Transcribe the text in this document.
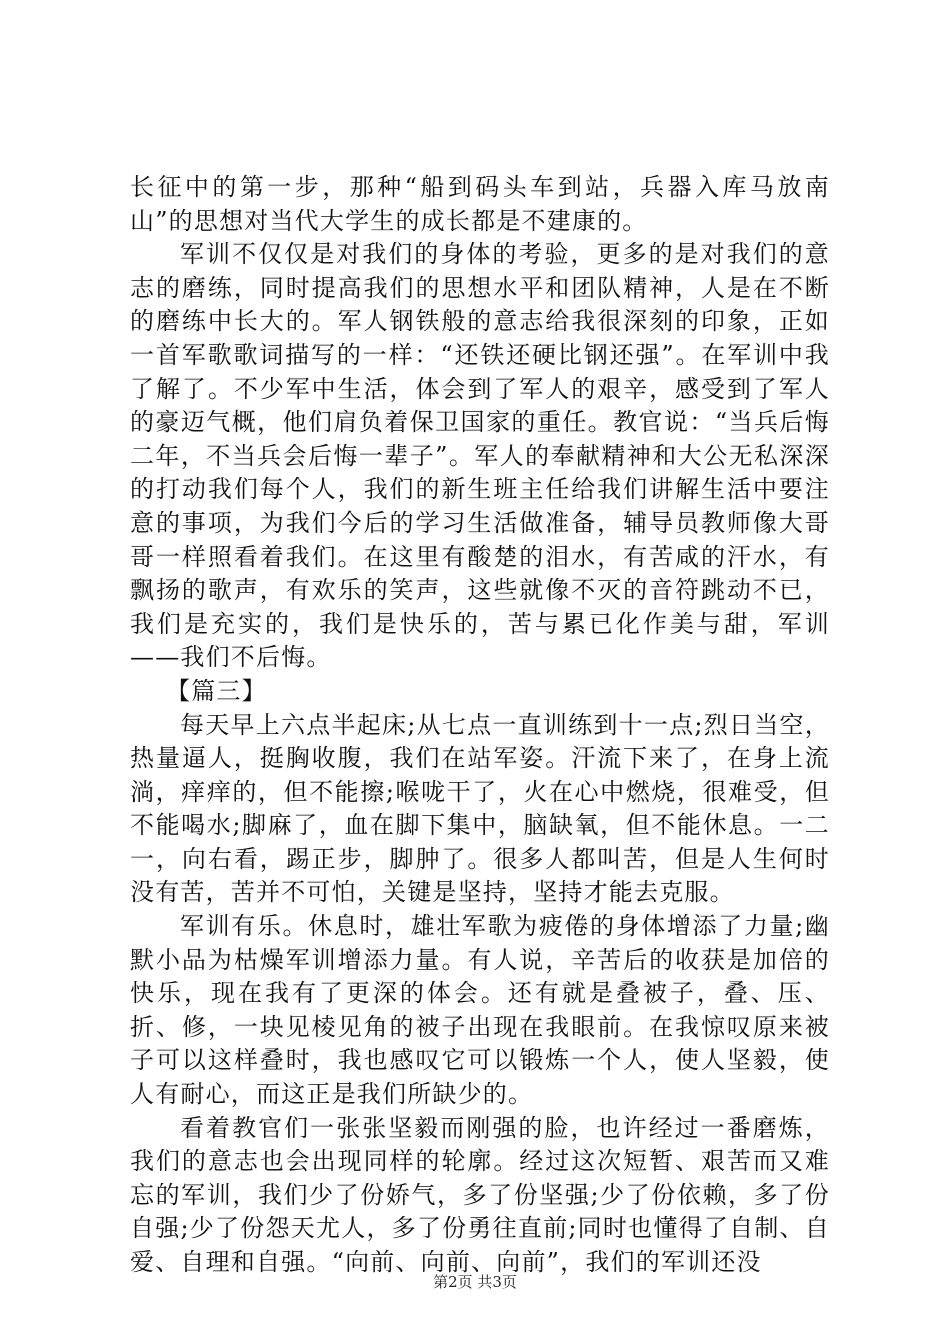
长征中的第一步，那种“船到码头车到站，兵器入库马放南山”的思想对当代大学生的成长都是不建康的。

军训不仅仅是对我们的身体的考验，更多的是对我们的意志的磨练，同时提高我们的思想水平和团队精神，人是在不断的磨练中长大的。军人钢铁般的意志给我很深刻的印象，正如一首军歌歌词描写的一样：“还铁还硬比钢还强”。在军训中我了解了。不少军中生活，体会到了军人的艰辛，感受到了军人的豪迈气概，他们肩负着保卫国家的重任。教官说：“当兵后悔二年，不当兵会后悔一辈子”。军人的奉献精神和大公无私深深的打动我们每个人，我们的新生班主任给我们讲解生活中要注意的事项，为我们今后的学习生活做准备，辅导员教师像大哥哥一样照看着我们。在这里有酸楚的泪水，有苦咸的汗水，有飘扬的歌声，有欢乐的笑声，这些就像不灭的音符跳动不已，我们是充实的，我们是快乐的，苦与累已化作美与甜，军训——我们不后悔。

【篇三】

每天早上六点半起床;从七点一直训练到十一点;烈日当空，热量逼人，挺胸收腹，我们在站军姿。汗流下来了，在身上流淌，痒痒的，但不能擦;喉咙干了，火在心中燃烧，很难受，但不能喝水;脚麻了，血在脚下集中，脑缺氧，但不能休息。一二一，向右看，踢正步，脚肿了。很多人都叫苦，但是人生何时没有苦，苦并不可怕，关键是坚持，坚持才能去克服。

军训有乐。休息时，雄壮军歌为疲倦的身体增添了力量;幽默小品为枯燥军训增添力量。有人说，辛苦后的收获是加倍的快乐，现在我有了更深的体会。还有就是叠被子，叠、压、折、修，一块见棱见角的被子出现在我眼前。在我惊叹原来被子可以这样叠时，我也感叹它可以锻炼一个人，使人坚毅，使人有耐心，而这正是我们所缺少的。

看着教官们一张张坚毅而刚强的脸，也许经过一番磨炼，我们的意志也会出现同样的轮廓。经过这次短暂、艰苦而又难忘的军训，我们少了份娇气，多了份坚强;少了份依赖，多了份自强;少了份怨天尤人，多了份勇往直前;同时也懂得了自制、自爱、自理和自强。“向前、向前、向前”，我们的军训还没

第2页 共3页
